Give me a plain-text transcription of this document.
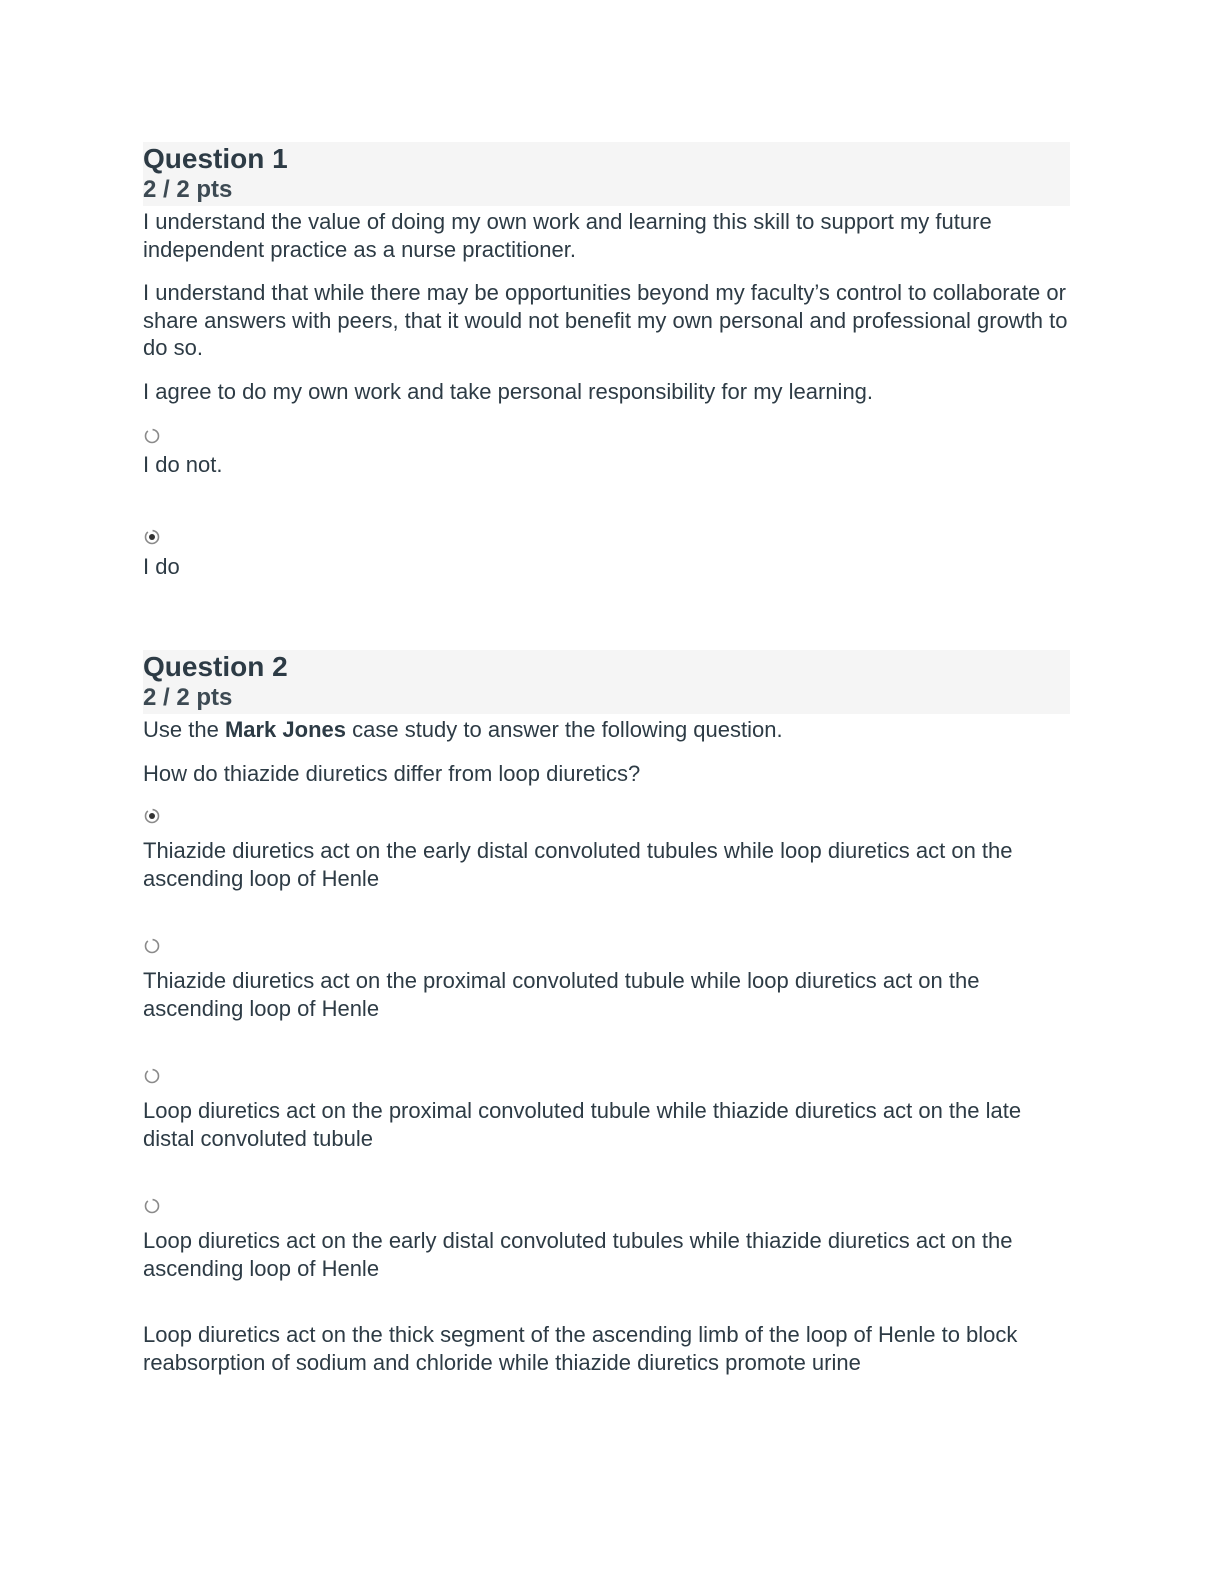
Question 1
2 / 2 pts

I understand the value of doing my own work and learning this skill to support my future independent practice as a nurse practitioner.

I understand that while there may be opportunities beyond my faculty’s control to collaborate or share answers with peers, that it would not benefit my own personal and professional growth to do so.

I agree to do my own work and take personal responsibility for my learning.

I do not.

I do

Question 2
2 / 2 pts

Use the Mark Jones case study to answer the following question.

How do thiazide diuretics differ from loop diuretics?

Thiazide diuretics act on the early distal convoluted tubules while loop diuretics act on the ascending loop of Henle

Thiazide diuretics act on the proximal convoluted tubule while loop diuretics act on the ascending loop of Henle

Loop diuretics act on the proximal convoluted tubule while thiazide diuretics act on the late distal convoluted tubule

Loop diuretics act on the early distal convoluted tubules while thiazide diuretics act on the ascending loop of Henle

Loop diuretics act on the thick segment of the ascending limb of the loop of Henle to block reabsorption of sodium and chloride while thiazide diuretics promote urine
